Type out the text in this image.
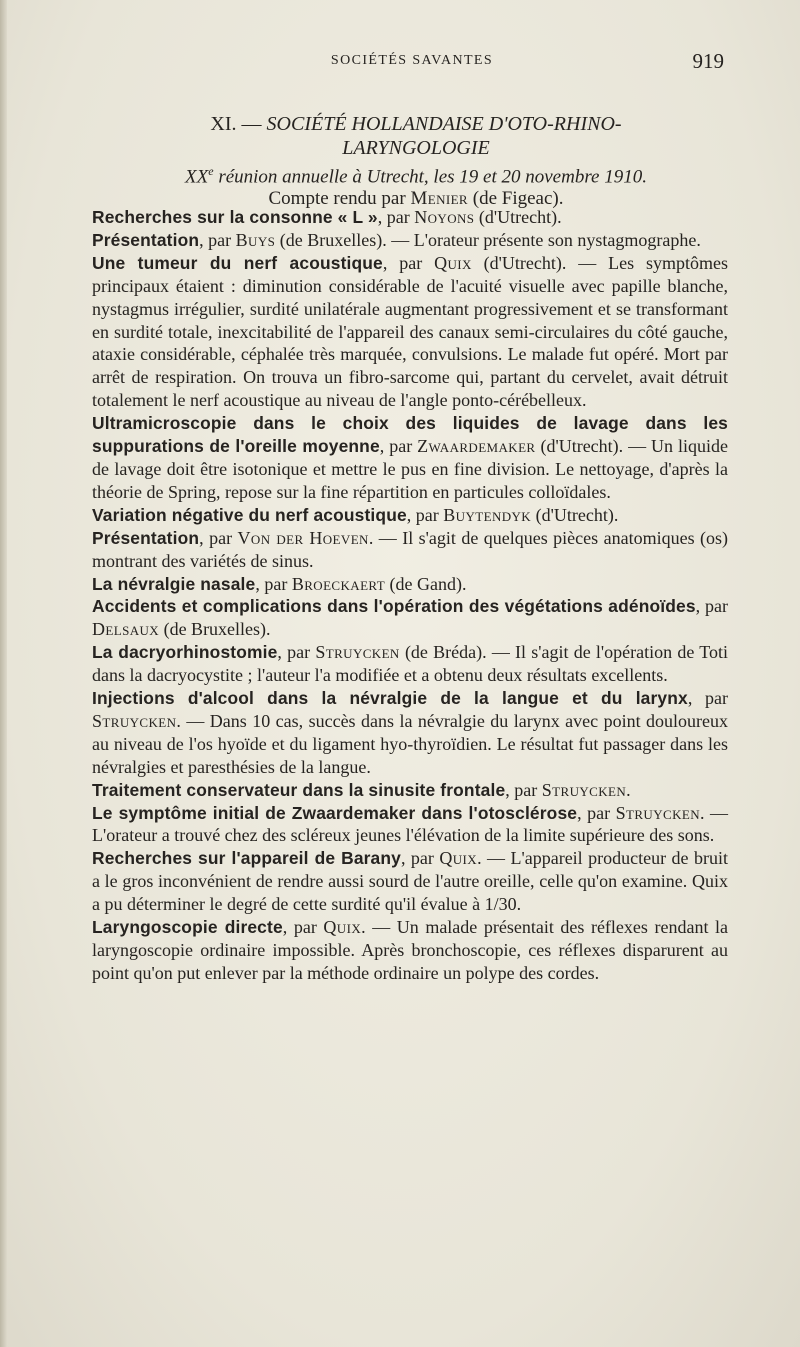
SOCIÉTÉS SAVANTES	919
XI. — SOCIÉTÉ HOLLANDAISE D'OTO-RHINO-
LARYNGOLOGIE
XXe réunion annuelle à Utrecht, les 19 et 20 novembre 1910.
Compte rendu par Menier (de Figeac).

Recherches sur la consonne « L », par Noyons (d'Utrecht).

Présentation, par Buys (de Bruxelles). — L'orateur présente son nystagmographe.

Une tumeur du nerf acoustique, par Quix (d'Utrecht). — Les symptômes principaux étaient : diminution considérable de l'acuité visuelle avec papille blanche, nystagmus irrégulier, surdité unilatérale augmentant progressivement et se transformant en surdité totale, inexcitabilité de l'appareil des canaux semi-circulaires du côté gauche, ataxie considérable, céphalée très marquée, convulsions. Le malade fut opéré. Mort par arrêt de respiration. On trouva un fibro-sarcome qui, partant du cervelet, avait détruit totalement le nerf acoustique au niveau de l'angle ponto-cérébelleux.

Ultramicroscopie dans le choix des liquides de lavage dans les suppurations de l'oreille moyenne, par Zwaardemaker (d'Utrecht). — Un liquide de lavage doit être isotonique et mettre le pus en fine division. Le nettoyage, d'après la théorie de Spring, repose sur la fine répartition en particules colloïdales.

Variation négative du nerf acoustique, par Buytendyk (d'Utrecht).

Présentation, par Von der Hoeven. — Il s'agit de quelques pièces anatomiques (os) montrant des variétés de sinus.

La névralgie nasale, par Broeckaert (de Gand).

Accidents et complications dans l'opération des végétations adénoïdes, par Delsaux (de Bruxelles).

La dacryorhinostomie, par Struycken (de Bréda). — Il s'agit de l'opération de Toti dans la dacryocystite ; l'auteur l'a modifiée et a obtenu deux résultats excellents.

Injections d'alcool dans la névralgie de la langue et du larynx, par Struycken. — Dans 10 cas, succès dans la névralgie du larynx avec point douloureux au niveau de l'os hyoïde et du ligament hyo-thyroïdien. Le résultat fut passager dans les névralgies et paresthésies de la langue.

Traitement conservateur dans la sinusite frontale, par Struycken.

Le symptôme initial de Zwaardemaker dans l'otosclérose, par Struycken. — L'orateur a trouvé chez des scléreux jeunes l'élévation de la limite supérieure des sons.

Recherches sur l'appareil de Barany, par Quix. — L'appareil producteur de bruit a le gros inconvénient de rendre aussi sourd de l'autre oreille, celle qu'on examine. Quix a pu déterminer le degré de cette surdité qu'il évalue à 1/30.

Laryngoscopie directe, par Quix. — Un malade présentait des réflexes rendant la laryngoscopie ordinaire impossible. Après bronchoscopie, ces réflexes disparurent au point qu'on put enlever par la méthode ordinaire un polype des cordes.
